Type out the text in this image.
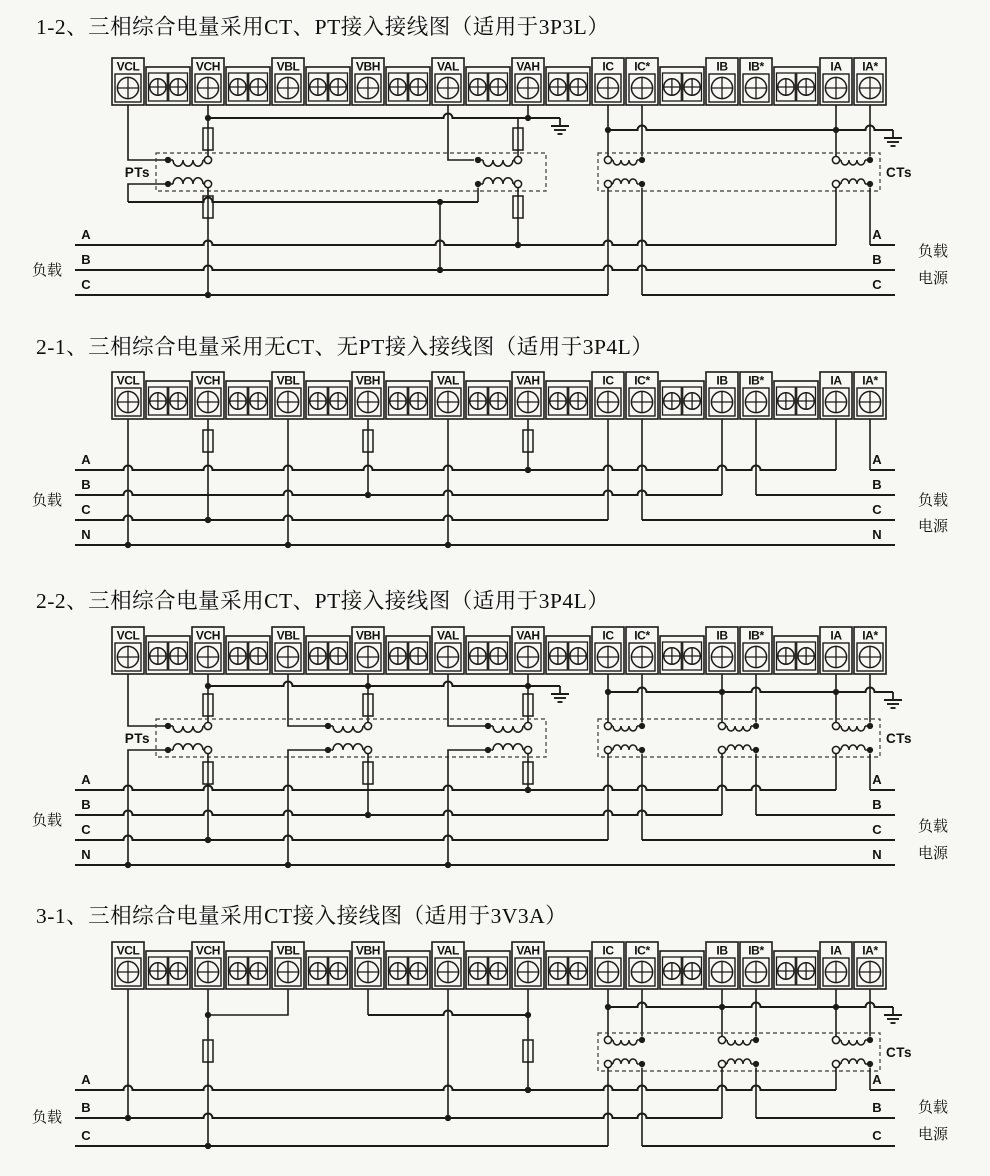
1-2、三相综合电量采用CT、PT接入接线图（适用于3P3L）
2-1、三相综合电量采用无CT、无PT接入接线图（适用于3P4L）
2-2、三相综合电量采用CT、PT接入接线图（适用于3P4L）
3-1、三相综合电量采用CT接入接线图（适用于3V3A）
VCL	VCH	VBL	VBH	VAL	VAH	IC IC*	IB IB*	IA IA*
PTs	CTs
A	A
B	B
C	C
负载
负载
电源
VCL	VCH	VBL	VBH	VAL	VAH	IC IC*	IB IB*	IA IA*
A	A
B	B
C	C
N	N
负载	负载
电源
VCL	VCH	VBL	VBH	VAL	VAH	IC IC*	IB IB*	IA IA*
PTs	CTs
A	A
B	B
C	C
N	N
负载	负载
电源
VCL	VCH	VBL	VBH	VAL	VAH	IC IC*	IB IB*	IA IA*
CTs
A	A
B	B
C	C
负载
负载
电源
